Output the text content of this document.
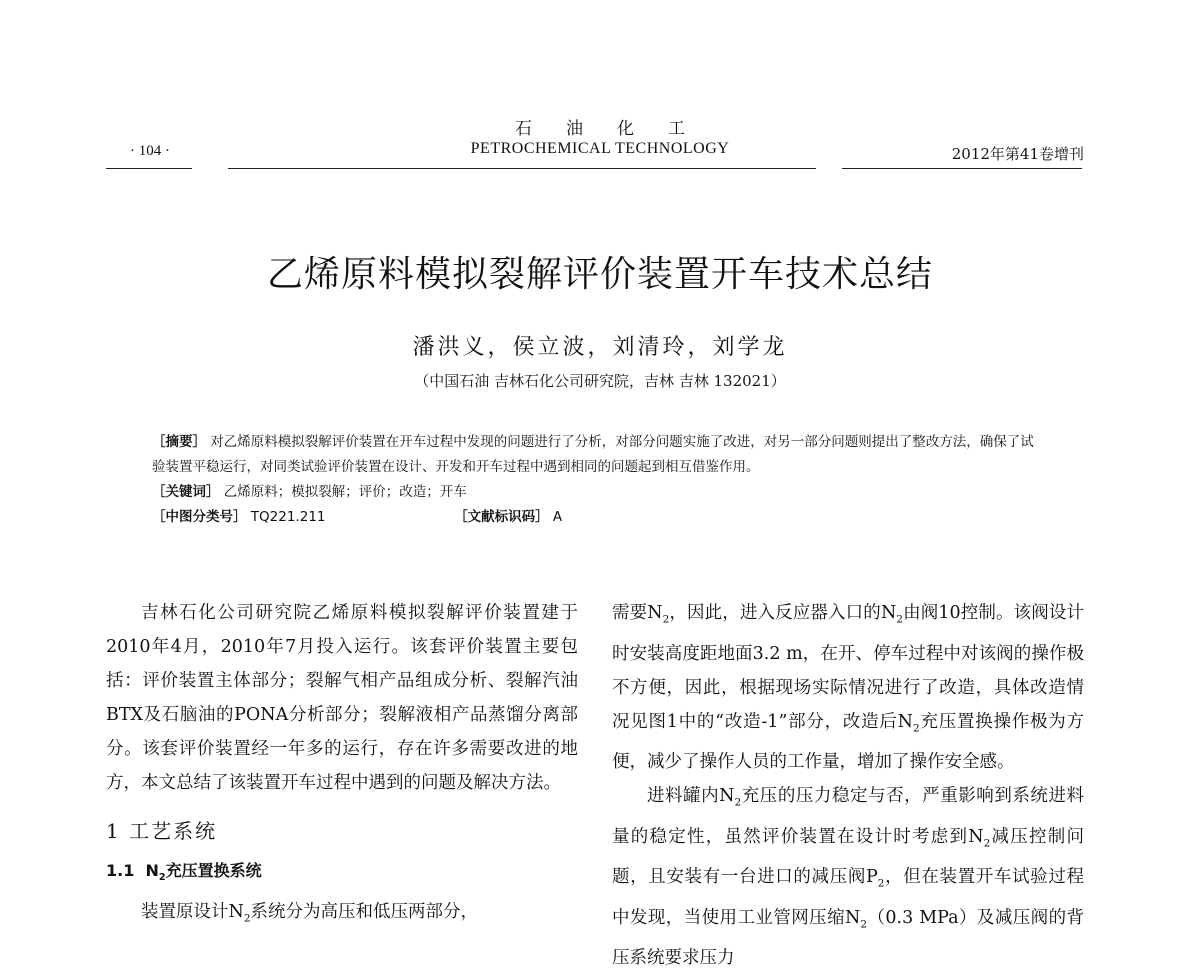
石油化工
PETROCHEMICAL TECHNOLOGY
· 104 ·	2012年第41卷增刊
乙烯原料模拟裂解评价装置开车技术总结
潘洪义，侯立波，刘清玲，刘学龙
（中国石油 吉林石化公司研究院，吉林 吉林 132021）
［摘要］ 对乙烯原料模拟裂解评价装置在开车过程中发现的问题进行了分析，对部分问题实施了改进，对另一部分问题则提出了整改方法，确保了试验装置平稳运行，对同类试验评价装置在设计、开发和开车过程中遇到相同的问题起到相互借鉴作用。
［关键词］ 乙烯原料；模拟裂解；评价；改造；开车
［中图分类号］ TQ221.211	［文献标识码］ A

吉林石化公司研究院乙烯原料模拟裂解评价装置建于2010年4月，2010年7月投入运行。该套评价装置主要包括：评价装置主体部分；裂解气相产品组成分析、裂解汽油BTX及石脑油的PONA分析部分；裂解液相产品蒸馏分离部分。该套评价装置经一年多的运行，存在许多需要改进的地方，本文总结了该装置开车过程中遇到的问题及解决方法。

1 工艺系统
1.1 $N_2$充压置换系统

装置原设计$N_2$系统分为高压和低压两部分，

需要$N_2$，因此，进入反应器入口的$N_2$由阀10控制。该阀设计时安装高度距地面3.2 m，在开、停车过程中对该阀的操作极不方便，因此，根据现场实际情况进行了改造，具体改造情况见图1中的“改造-1”部分，改造后$N_2$充压置换操作极为方便，减少了操作人员的工作量，增加了操作安全感。

进料罐内$N_2$充压的压力稳定与否，严重影响到系统进料量的稳定性，虽然评价装置在设计时考虑到$N_2$减压控制问题，且安装有一台进口的减压阀$P_2$，但在装置开车试验过程中发现，当使用工业管网压缩$N_2(0.3$ MPa）及减压阀的背压系统要求压力
